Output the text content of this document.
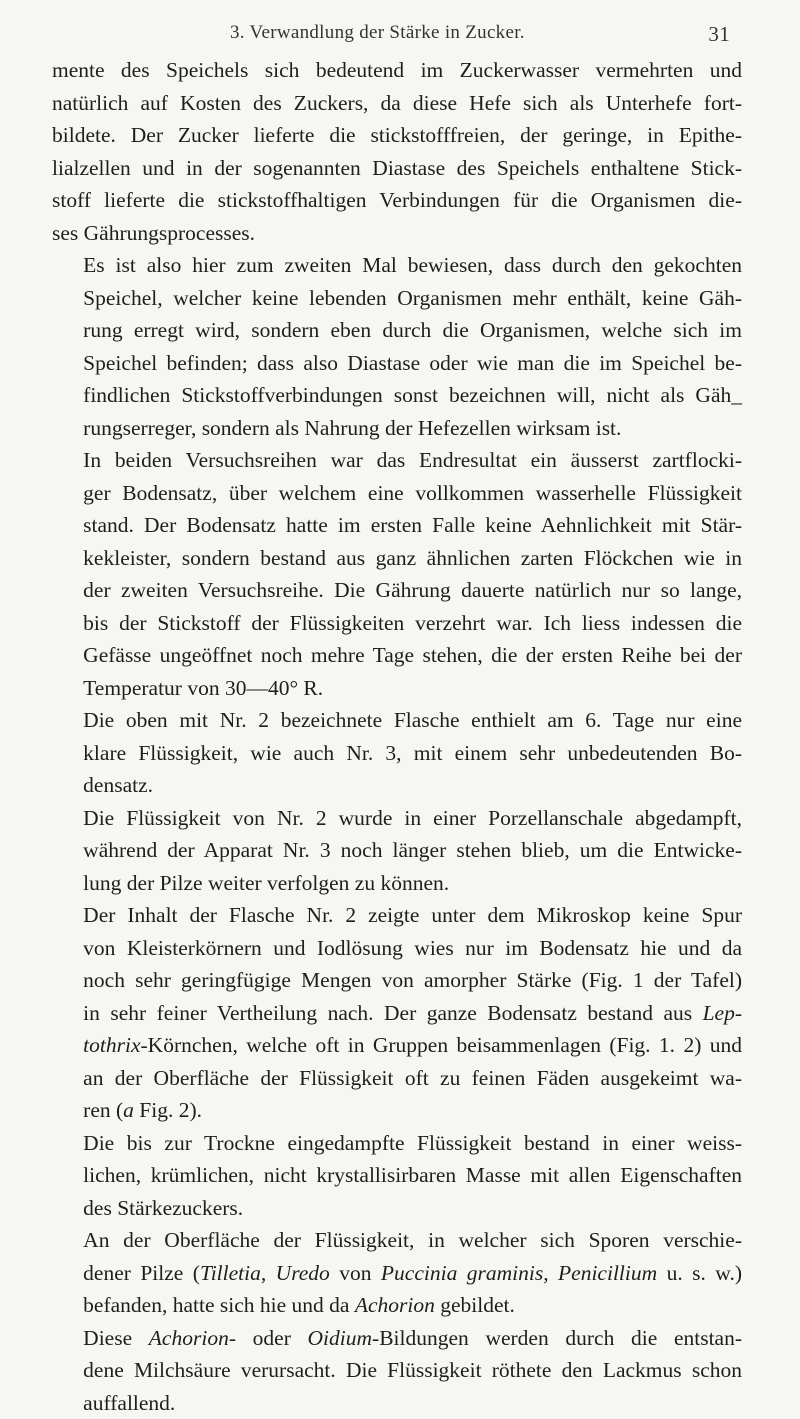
3. Verwandlung der Stärke in Zucker.	31

mente des Speichels sich bedeutend im Zuckerwasser vermehrten und
natürlich auf Kosten des Zuckers, da diese Hefe sich als Unterhefe fort-
bildete. Der Zucker lieferte die stickstofffreien, der geringe, in Epithe-
lialzellen und in der sogenannten Diastase des Speichels enthaltene Stick-
stoff lieferte die stickstoffhaltigen Verbindungen für die Organismen die-
ses Gährungsprocesses.

Es ist also hier zum zweiten Mal bewiesen, dass durch den gekochten
Speichel, welcher keine lebenden Organismen mehr enthält, keine Gäh-
rung erregt wird, sondern eben durch die Organismen, welche sich im
Speichel befinden; dass also Diastase oder wie man die im Speichel be-
findlichen Stickstoffverbindungen sonst bezeichnen will, nicht als Gäh_
rungserreger, sondern als Nahrung der Hefezellen wirksam ist.

In beiden Versuchsreihen war das Endresultat ein äusserst zartflocki-
ger Bodensatz, über welchem eine vollkommen wasserhelle Flüssigkeit
stand. Der Bodensatz hatte im ersten Falle keine Aehnlichkeit mit Stär-
kekleister, sondern bestand aus ganz ähnlichen zarten Flöckchen wie in
der zweiten Versuchsreihe. Die Gährung dauerte natürlich nur so lange,
bis der Stickstoff der Flüssigkeiten verzehrt war. Ich liess indessen die
Gefässe ungeöffnet noch mehre Tage stehen, die der ersten Reihe bei der
Temperatur von 30—40° R.

Die oben mit Nr. 2 bezeichnete Flasche enthielt am 6. Tage nur eine
klare Flüssigkeit, wie auch Nr. 3, mit einem sehr unbedeutenden Bo-
densatz.

Die Flüssigkeit von Nr. 2 wurde in einer Porzellanschale abgedampft,
während der Apparat Nr. 3 noch länger stehen blieb, um die Entwicke-
lung der Pilze weiter verfolgen zu können.

Der Inhalt der Flasche Nr. 2 zeigte unter dem Mikroskop keine Spur
von Kleisterkörnern und Iodlösung wies nur im Bodensatz hie und da
noch sehr geringfügige Mengen von amorpher Stärke (Fig. 1 der Tafel)
in sehr feiner Vertheilung nach. Der ganze Bodensatz bestand aus Lep-
tothrix-Körnchen, welche oft in Gruppen beisammenlagen (Fig. 1. 2) und
an der Oberfläche der Flüssigkeit oft zu feinen Fäden ausgekeimt wa-
ren (a Fig. 2).

Die bis zur Trockne eingedampfte Flüssigkeit bestand in einer weiss-
lichen, krümlichen, nicht krystallisirbaren Masse mit allen Eigenschaften
des Stärkezuckers.

An der Oberfläche der Flüssigkeit, in welcher sich Sporen verschie-
dener Pilze (Tilletia, Uredo von Puccinia graminis, Penicillium u. s. w.)
befanden, hatte sich hie und da Achorion gebildet.

Diese Achorion- oder Oidium-Bildungen werden durch die entstan-
dene Milchsäure verursacht. Die Flüssigkeit röthete den Lackmus schon
auffallend.
